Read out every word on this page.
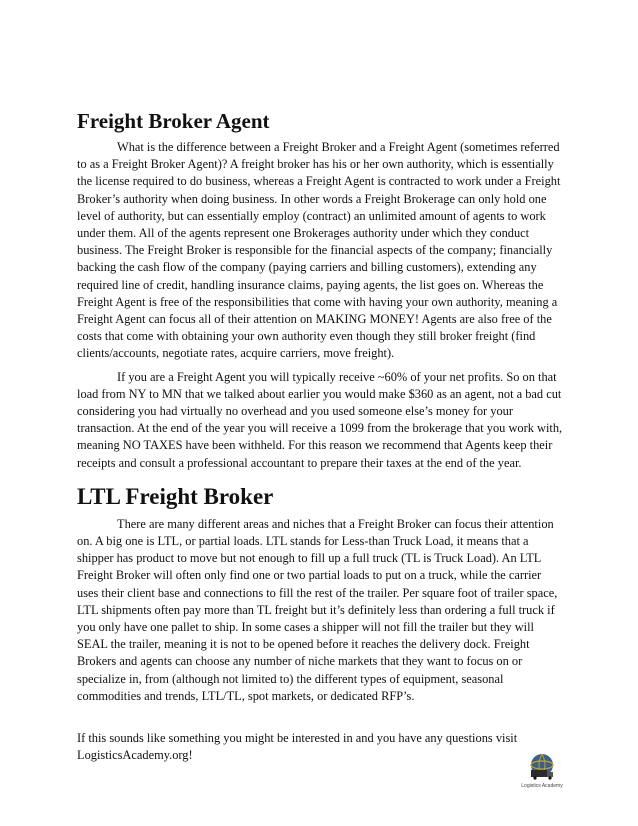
Freight Broker Agent

What is the difference between a Freight Broker and a Freight Agent (sometimes referred to as a Freight Broker Agent)? A freight broker has his or her own authority, which is essentially the license required to do business, whereas a Freight Agent is contracted to work under a Freight Broker’s authority when doing business. In other words a Freight Brokerage can only hold one level of authority, but can essentially employ (contract) an unlimited amount of agents to work under them. All of the agents represent one Brokerages authority under which they conduct business. The Freight Broker is responsible for the financial aspects of the company; financially backing the cash flow of the company (paying carriers and billing customers), extending any required line of credit, handling insurance claims, paying agents, the list goes on. Whereas the Freight Agent is free of the responsibilities that come with having your own authority, meaning a Freight Agent can focus all of their attention on MAKING MONEY! Agents are also free of the costs that come with obtaining your own authority even though they still broker freight (find clients/accounts, negotiate rates, acquire carriers, move freight).

If you are a Freight Agent you will typically receive ~60% of your net profits. So on that load from NY to MN that we talked about earlier you would make $360 as an agent, not a bad cut considering you had virtually no overhead and you used someone else’s money for your transaction. At the end of the year you will receive a 1099 from the brokerage that you work with, meaning NO TAXES have been withheld. For this reason we recommend that Agents keep their receipts and consult a professional accountant to prepare their taxes at the end of the year.

LTL Freight Broker

There are many different areas and niches that a Freight Broker can focus their attention on. A big one is LTL, or partial loads. LTL stands for Less-than Truck Load, it means that a shipper has product to move but not enough to fill up a full truck (TL is Truck Load). An LTL Freight Broker will often only find one or two partial loads to put on a truck, while the carrier uses their client base and connections to fill the rest of the trailer. Per square foot of trailer space, LTL shipments often pay more than TL freight but it’s definitely less than ordering a full truck if you only have one pallet to ship. In some cases a shipper will not fill the trailer but they will SEAL the trailer, meaning it is not to be opened before it reaches the delivery dock. Freight Brokers and agents can choose any number of niche markets that they want to focus on or specialize in, from (although not limited to) the different types of equipment, seasonal commodities and trends, LTL/TL, spot markets, or dedicated RFP’s.

If this sounds like something you might be interested in and you have any questions visit LogisticsAcademy.org!

Logistics Academy
